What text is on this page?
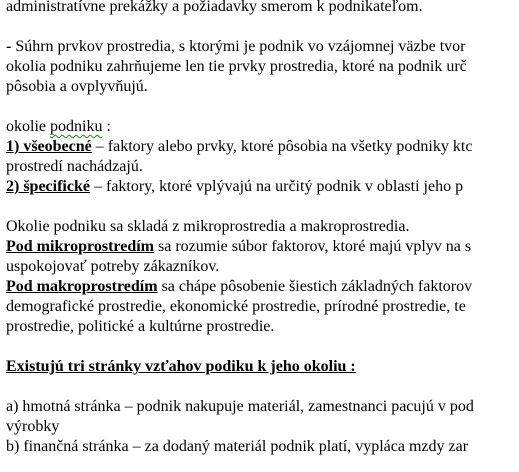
administratívne prekážky a požiadavky smerom k podnikateľom.
- Súhrn prvkov prostredia, s ktorými je podnik vo vzájomnej väzbe tvor
okolia podniku zahrňujeme len tie prvky prostredia, ktoré na podnik urč
pôsobia a ovplyvňujú.
okolie podniku :
1) všeobecné – faktory alebo prvky, ktoré pôsobia na všetky podniky ktc
prostredí nachádzajú.
2) špecifické – faktory, ktoré vplývajú na určitý podnik v oblasti jeho p
Okolie podniku sa skladá z mikroprostredia a makroprostredia.
Pod mikroprostredím sa rozumie súbor faktorov, ktoré majú vplyv na s
uspokojovať potreby zákazníkov.
Pod makroprostredím sa chápe pôsobenie šiestich základných faktorov
demografické prostredie, ekonomické prostredie, prírodné prostredie, te
prostredie, politické a kultúrne prostredie.
Existujú tri stránky vzťahov podiku k jeho okoliu :
a) hmotná stránka – podnik nakupuje materiál, zamestnanci pacujú v pod
výrobky
b) finančná stránka – za dodaný materiál podnik platí, vypláca mzdy zar
